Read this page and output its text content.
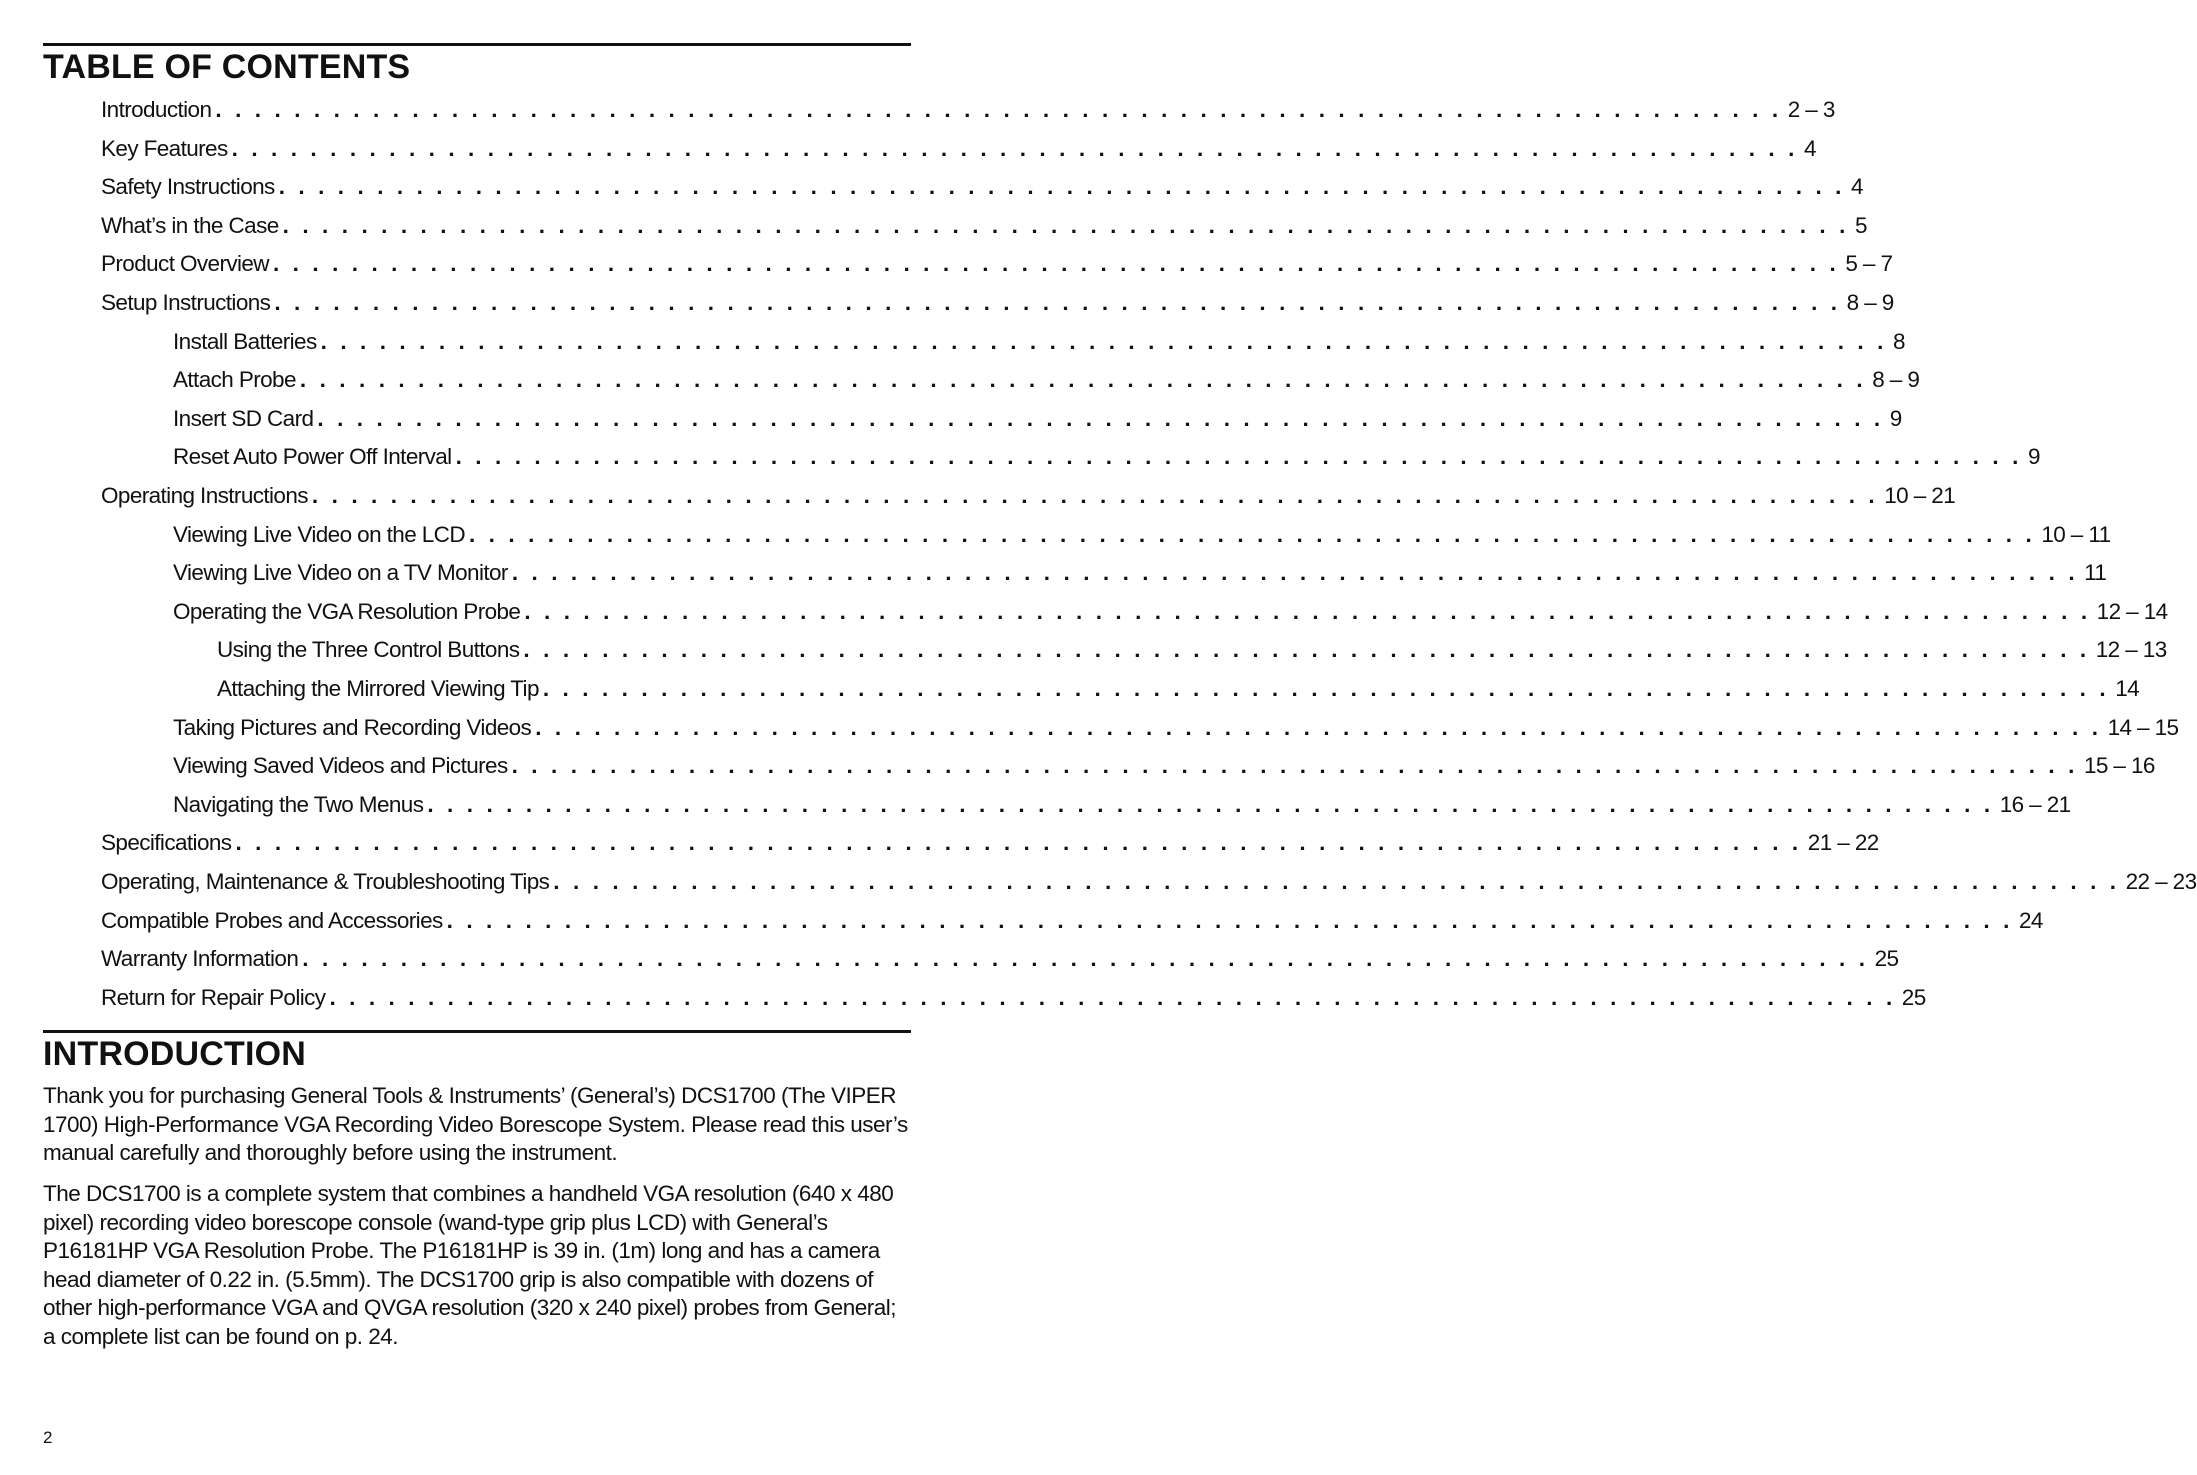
TABLE OF CONTENTS
Introduction . . . . . . . . . . . . . . . . . . . . . . . . . . . . . . . . . . . . . . . . . . . . . . . . . . . . . . . . . . . . . . . . . . . . . . . . . . . . . . . . 2 – 3
Key Features . . . . . . . . . . . . . . . . . . . . . . . . . . . . . . . . . . . . . . . . . . . . . . . . . . . . . . . . . . . . . . . . . . . . . . . . . . . . . . . . 4
Safety Instructions . . . . . . . . . . . . . . . . . . . . . . . . . . . . . . . . . . . . . . . . . . . . . . . . . . . . . . . . . . . . . . . . . . . . . . . . . . . . . . . . 4
What’s in the Case . . . . . . . . . . . . . . . . . . . . . . . . . . . . . . . . . . . . . . . . . . . . . . . . . . . . . . . . . . . . . . . . . . . . . . . . . . . . . . . . 5
Product Overview . . . . . . . . . . . . . . . . . . . . . . . . . . . . . . . . . . . . . . . . . . . . . . . . . . . . . . . . . . . . . . . . . . . . . . . . . . . . . . . . 5 – 7
Setup Instructions . . . . . . . . . . . . . . . . . . . . . . . . . . . . . . . . . . . . . . . . . . . . . . . . . . . . . . . . . . . . . . . . . . . . . . . . . . . . . . . . 8 – 9
Install Batteries . . . . . . . . . . . . . . . . . . . . . . . . . . . . . . . . . . . . . . . . . . . . . . . . . . . . . . . . . . . . . . . . . . . . . . . . . . . . . . . . 8
Attach Probe . . . . . . . . . . . . . . . . . . . . . . . . . . . . . . . . . . . . . . . . . . . . . . . . . . . . . . . . . . . . . . . . . . . . . . . . . . . . . . . . 8 – 9
Insert SD Card . . . . . . . . . . . . . . . . . . . . . . . . . . . . . . . . . . . . . . . . . . . . . . . . . . . . . . . . . . . . . . . . . . . . . . . . . . . . . . . . 9
Reset Auto Power Off Interval . . . . . . . . . . . . . . . . . . . . . . . . . . . . . . . . . . . . . . . . . . . . . . . . . . . . . . . . . . . . . . . . . . . . . . . . . . . . . . . . 9
Operating Instructions . . . . . . . . . . . . . . . . . . . . . . . . . . . . . . . . . . . . . . . . . . . . . . . . . . . . . . . . . . . . . . . . . . . . . . . . . . . . . . . . 10 – 21
Viewing Live Video on the LCD . . . . . . . . . . . . . . . . . . . . . . . . . . . . . . . . . . . . . . . . . . . . . . . . . . . . . . . . . . . . . . . . . . . . . . . . . . . . . . . . 10 – 11
Viewing Live Video on a TV Monitor . . . . . . . . . . . . . . . . . . . . . . . . . . . . . . . . . . . . . . . . . . . . . . . . . . . . . . . . . . . . . . . . . . . . . . . . . . . . . . . . 11
Operating the VGA Resolution Probe . . . . . . . . . . . . . . . . . . . . . . . . . . . . . . . . . . . . . . . . . . . . . . . . . . . . . . . . . . . . . . . . . . . . . . . . . . . . . . . . 12 – 14
Using the Three Control Buttons . . . . . . . . . . . . . . . . . . . . . . . . . . . . . . . . . . . . . . . . . . . . . . . . . . . . . . . . . . . . . . . . . . . . . . . . . . . . . . . . 12 – 13
Attaching the Mirrored Viewing Tip . . . . . . . . . . . . . . . . . . . . . . . . . . . . . . . . . . . . . . . . . . . . . . . . . . . . . . . . . . . . . . . . . . . . . . . . . . . . . . . . 14
Taking Pictures and Recording Videos . . . . . . . . . . . . . . . . . . . . . . . . . . . . . . . . . . . . . . . . . . . . . . . . . . . . . . . . . . . . . . . . . . . . . . . . . . . . . . . . 14 – 15
Viewing Saved Videos and Pictures . . . . . . . . . . . . . . . . . . . . . . . . . . . . . . . . . . . . . . . . . . . . . . . . . . . . . . . . . . . . . . . . . . . . . . . . . . . . . . . . 15 – 16
Navigating the Two Menus . . . . . . . . . . . . . . . . . . . . . . . . . . . . . . . . . . . . . . . . . . . . . . . . . . . . . . . . . . . . . . . . . . . . . . . . . . . . . . . . 16 – 21
Specifications . . . . . . . . . . . . . . . . . . . . . . . . . . . . . . . . . . . . . . . . . . . . . . . . . . . . . . . . . . . . . . . . . . . . . . . . . . . . . . . . 21 – 22
Operating, Maintenance & Troubleshooting Tips . . . . . . . . . . . . . . . . . . . . . . . . . . . . . . . . . . . . . . . . . . . . . . . . . . . . . . . . . . . . . . . . . . . . . . . . . . . . . . . . 22 – 23
Compatible Probes and Accessories . . . . . . . . . . . . . . . . . . . . . . . . . . . . . . . . . . . . . . . . . . . . . . . . . . . . . . . . . . . . . . . . . . . . . . . . . . . . . . . . 24
Warranty Information . . . . . . . . . . . . . . . . . . . . . . . . . . . . . . . . . . . . . . . . . . . . . . . . . . . . . . . . . . . . . . . . . . . . . . . . . . . . . . . . 25
Return for Repair Policy . . . . . . . . . . . . . . . . . . . . . . . . . . . . . . . . . . . . . . . . . . . . . . . . . . . . . . . . . . . . . . . . . . . . . . . . . . . . . . . . 25
INTRODUCTION

Thank you for purchasing General Tools & Instruments’ (General’s) DCS1700 (The VIPER 1700) High-Performance VGA Recording Video Borescope System. Please read this user’s manual carefully and thoroughly before using the instrument.

The DCS1700 is a complete system that combines a handheld VGA resolution (640 x 480 pixel) recording video borescope console (wand-type grip plus LCD) with General’s P16181HP VGA Resolution Probe. The P16181HP is 39 in. (1m) long and has a camera head diameter of 0.22 in. (5.5mm). The DCS1700 grip is also compatible with dozens of other high-performance VGA and QVGA resolution (320 x 240 pixel) probes from General; a complete list can be found on p. 24.

2
